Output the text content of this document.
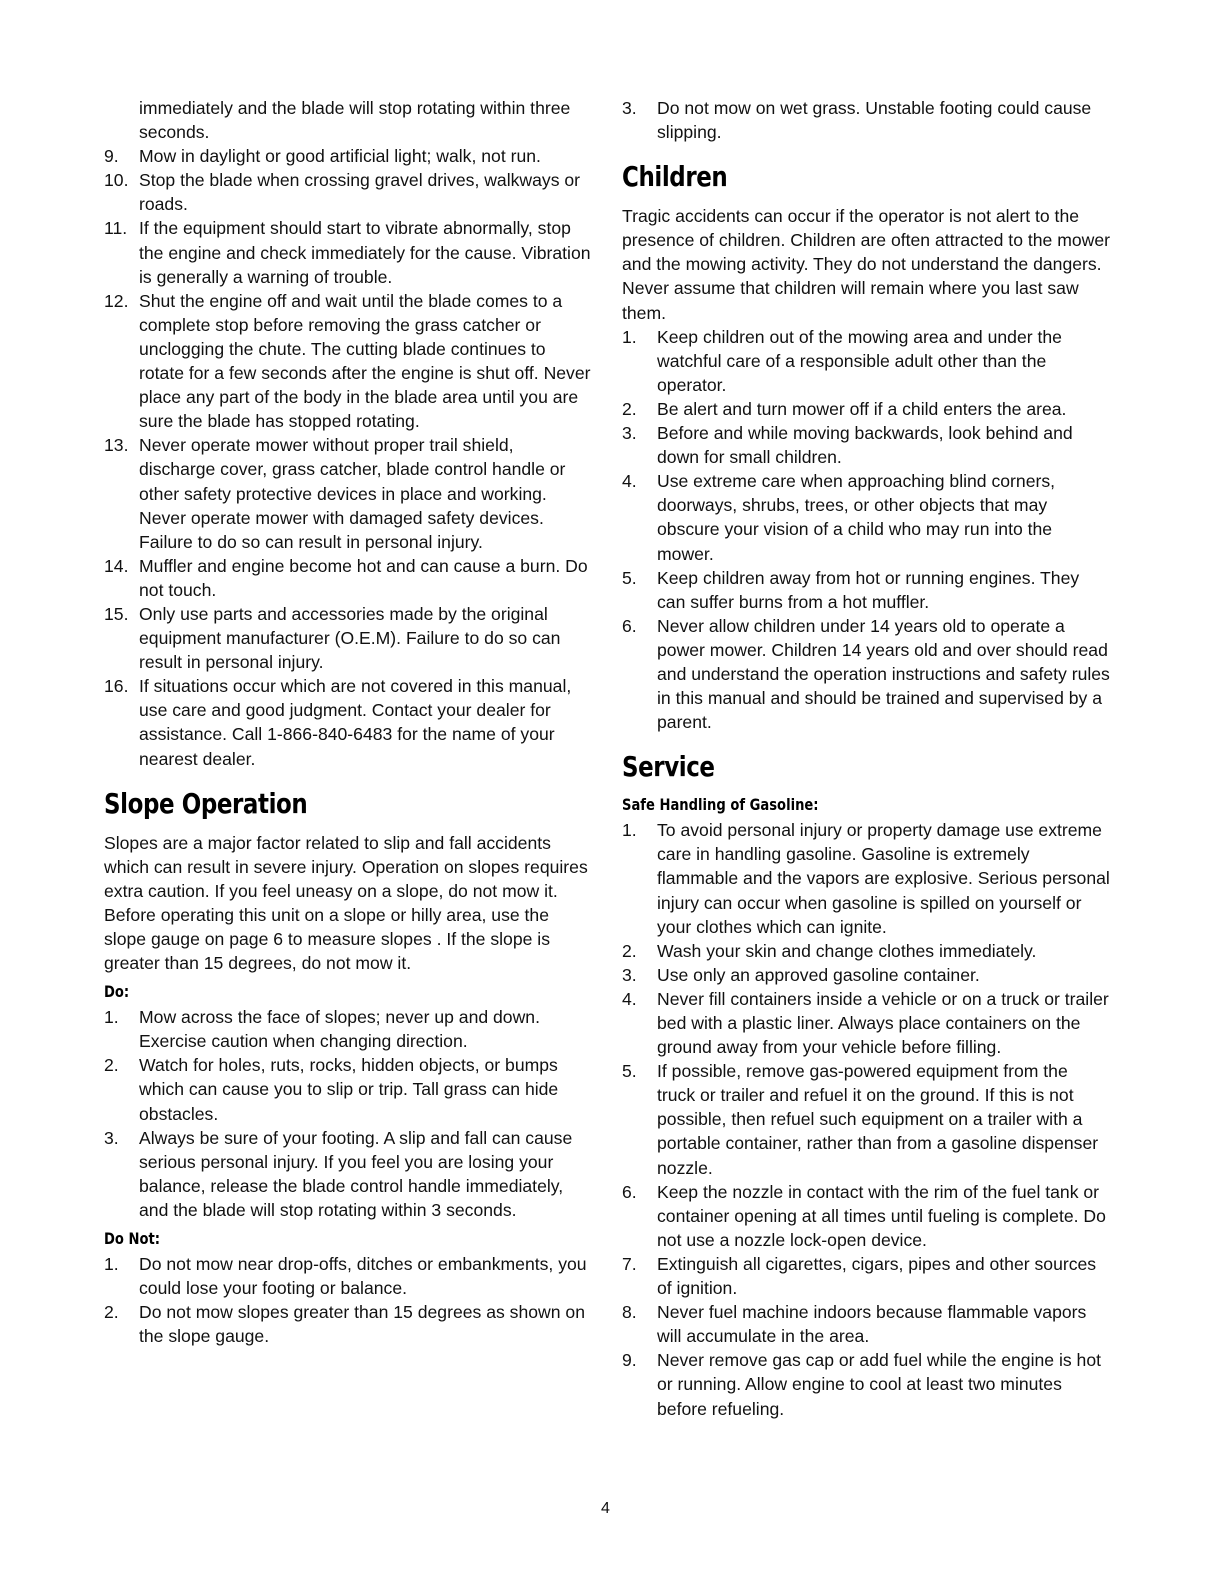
immediately and the blade will stop rotating within three seconds.
9. Mow in daylight or good artificial light; walk, not run.
10. Stop the blade when crossing gravel drives, walkways or roads.
11. If the equipment should start to vibrate abnormally, stop the engine and check immediately for the cause. Vibration is generally a warning of trouble.
12. Shut the engine off and wait until the blade comes to a complete stop before removing the grass catcher or unclogging the chute. The cutting blade continues to rotate for a few seconds after the engine is shut off. Never place any part of the body in the blade area until you are sure the blade has stopped rotating.
13. Never operate mower without proper trail shield, discharge cover, grass catcher, blade control handle or other safety protective devices in place and working. Never operate mower with damaged safety devices. Failure to do so can result in personal injury.
14. Muffler and engine become hot and can cause a burn. Do not touch.
15. Only use parts and accessories made by the original equipment manufacturer (O.E.M). Failure to do so can result in personal injury.
16. If situations occur which are not covered in this manual, use care and good judgment. Contact your dealer for assistance. Call 1-866-840-6483 for the name of your nearest dealer.
Slope Operation

Slopes are a major factor related to slip and fall accidents which can result in severe injury. Operation on slopes requires extra caution. If you feel uneasy on a slope, do not mow it. Before operating this unit on a slope or hilly area, use the slope gauge on page 6 to measure slopes . If the slope is greater than 15 degrees, do not mow it.

Do:
1. Mow across the face of slopes; never up and down. Exercise caution when changing direction.
2. Watch for holes, ruts, rocks, hidden objects, or bumps which can cause you to slip or trip. Tall grass can hide obstacles.
3. Always be sure of your footing. A slip and fall can cause serious personal injury. If you feel you are losing your balance, release the blade control handle immediately, and the blade will stop rotating within 3 seconds.
Do Not:
1. Do not mow near drop-offs, ditches or embankments, you could lose your footing or balance.
2. Do not mow slopes greater than 15 degrees as shown on the slope gauge.
3. Do not mow on wet grass. Unstable footing could cause slipping.
Children

Tragic accidents can occur if the operator is not alert to the presence of children. Children are often attracted to the mower and the mowing activity. They do not understand the dangers. Never assume that children will remain where you last saw them.

1. Keep children out of the mowing area and under the watchful care of a responsible adult other than the operator.
2. Be alert and turn mower off if a child enters the area.
3. Before and while moving backwards, look behind and down for small children.
4. Use extreme care when approaching blind corners, doorways, shrubs, trees, or other objects that may obscure your vision of a child who may run into the mower.
5. Keep children away from hot or running engines. They can suffer burns from a hot muffler.
6. Never allow children under 14 years old to operate a power mower. Children 14 years old and over should read and understand the operation instructions and safety rules in this manual and should be trained and supervised by a parent.
Service
Safe Handling of Gasoline:
1. To avoid personal injury or property damage use extreme care in handling gasoline. Gasoline is extremely flammable and the vapors are explosive. Serious personal injury can occur when gasoline is spilled on yourself or your clothes which can ignite.
2. Wash your skin and change clothes immediately.
3. Use only an approved gasoline container.
4. Never fill containers inside a vehicle or on a truck or trailer bed with a plastic liner. Always place containers on the ground away from your vehicle before filling.
5. If possible, remove gas-powered equipment from the truck or trailer and refuel it on the ground. If this is not possible, then refuel such equipment on a trailer with a portable container, rather than from a gasoline dispenser nozzle.
6. Keep the nozzle in contact with the rim of the fuel tank or container opening at all times until fueling is complete. Do not use a nozzle lock-open device.
7. Extinguish all cigarettes, cigars, pipes and other sources of ignition.
8. Never fuel machine indoors because flammable vapors will accumulate in the area.
9. Never remove gas cap or add fuel while the engine is hot or running. Allow engine to cool at least two minutes before refueling.
4
